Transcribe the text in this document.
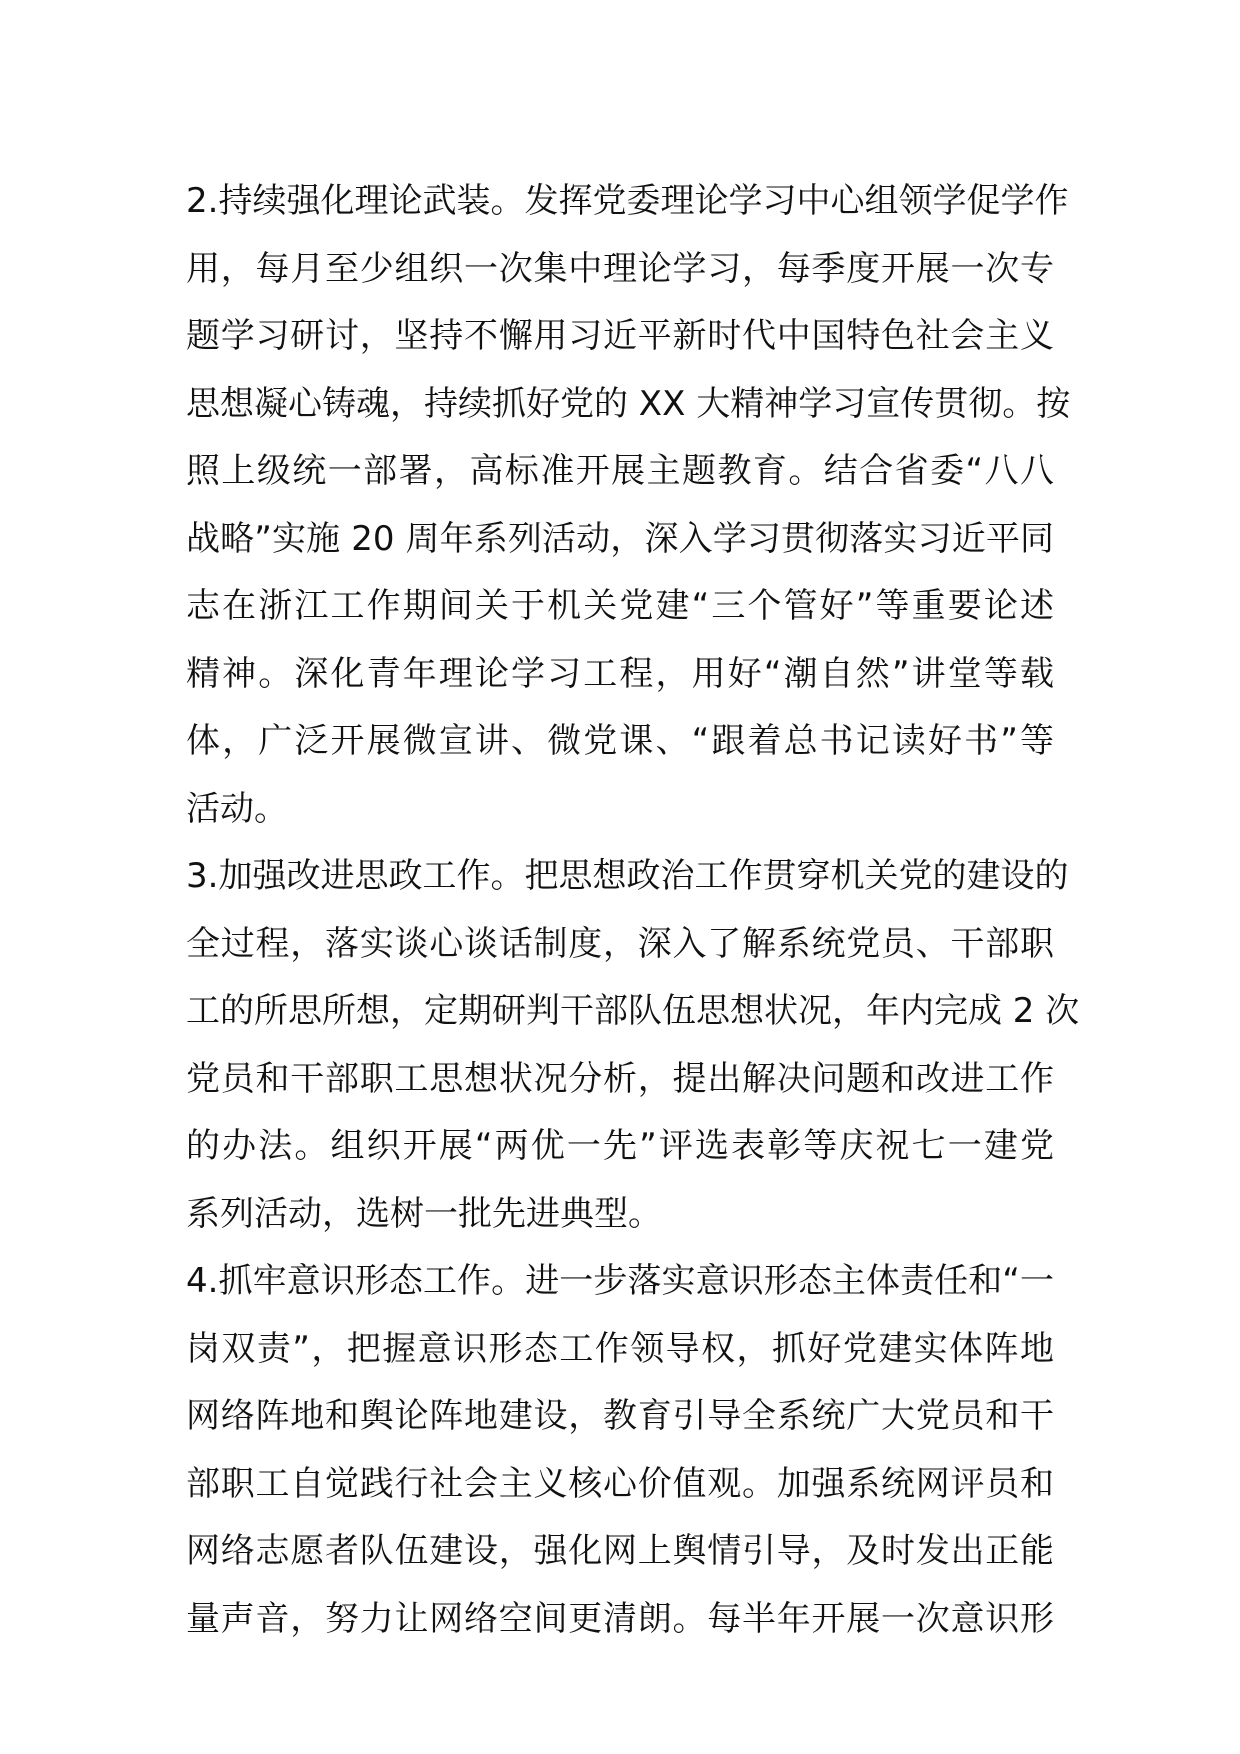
2.持续强化理论武装。发挥党委理论学习中心组领学促学作
用，每月至少组织一次集中理论学习，每季度开展一次专
题学习研讨，坚持不懈用习近平新时代中国特色社会主义
思想凝心铸魂，持续抓好党的 XX 大精神学习宣传贯彻。按
照上级统一部署，高标准开展主题教育。结合省委“八八
战略”实施 20 周年系列活动，深入学习贯彻落实习近平同
志在浙江工作期间关于机关党建“三个管好”等重要论述
精神。深化青年理论学习工程，用好“潮自然”讲堂等载
体，广泛开展微宣讲、微党课、“跟着总书记读好书”等
活动。
3.加强改进思政工作。把思想政治工作贯穿机关党的建设的
全过程，落实谈心谈话制度，深入了解系统党员、干部职
工的所思所想，定期研判干部队伍思想状况，年内完成 2 次
党员和干部职工思想状况分析，提出解决问题和改进工作
的办法。组织开展“两优一先”评选表彰等庆祝七一建党
系列活动，选树一批先进典型。
4.抓牢意识形态工作。进一步落实意识形态主体责任和“一
岗双责”，把握意识形态工作领导权，抓好党建实体阵地
网络阵地和舆论阵地建设，教育引导全系统广大党员和干
部职工自觉践行社会主义核心价值观。加强系统网评员和
网络志愿者队伍建设，强化网上舆情引导，及时发出正能
量声音，努力让网络空间更清朗。每半年开展一次意识形
